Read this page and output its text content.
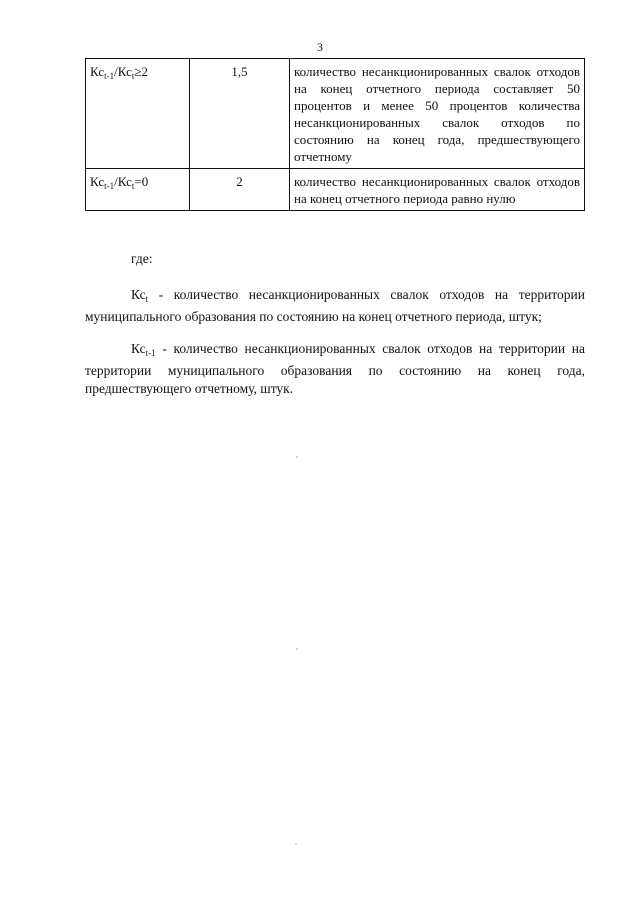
3
$Кс_{t-1}/Кс_t\ge 2$	1,5	количество несанкционированных свалок отходов на конец отчетного периода составляет 50 процентов и менее 50 процентов количества несанкционированных свалок отходов по состоянию на конец года, предшествующего отчетному
$Кс_{t-1}/Кс_t=0$	2	количество несанкционированных свалок отходов на конец отчетного периода равно нулю
где:
$Кс_t$ - количество несанкционированных свалок отходов на территории муниципального образования по состоянию на конец отчетного периода, штук;
$Кс_{t-1}$ - количество несанкционированных свалок отходов на территории на территории муниципального образования по состоянию на конец года, предшествующего отчетному, штук.
